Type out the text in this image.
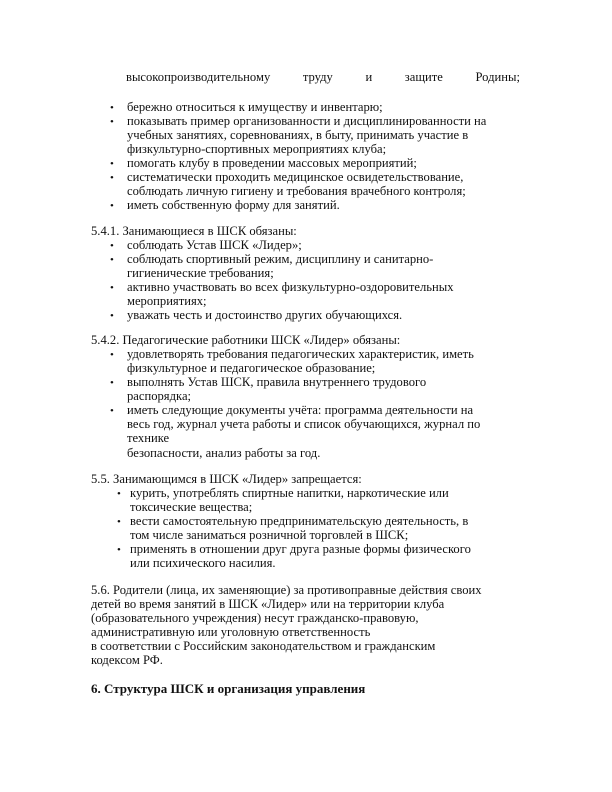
высокопроизводительному	труду	и	защите	Родины;
• бережно относиться к имуществу и инвентарю;
• показывать пример организованности и дисциплинированности на
учебных занятиях, соревнованиях, в быту, принимать участие в
физкультурно-спортивных мероприятиях клуба;
• помогать клубу в проведении массовых мероприятий;
• систематически проходить медицинское освидетельствование,
соблюдать личную гигиену и требования врачебного контроля;
• иметь собственную форму для занятий.
5.4.1. Занимающиеся в ШСК обязаны:
• соблюдать Устав ШСК «Лидер»;
• соблюдать спортивный режим, дисциплину и санитарно-
гигиенические требования;
• активно участвовать во всех физкультурно-оздоровительных
мероприятиях;
• уважать честь и достоинство других обучающихся.
5.4.2. Педагогические работники ШСК «Лидер» обязаны:
• удовлетворять требования педагогических характеристик, иметь
физкультурное и педагогическое образование;
• выполнять Устав ШСК, правила внутреннего трудового
распорядка;
• иметь следующие документы учёта: программа деятельности на
весь год, журнал учета работы и список обучающихся, журнал по
технике
безопасности, анализ работы за год.
5.5. Занимающимся в ШСК «Лидер» запрещается:
• курить, употреблять спиртные напитки, наркотические или
токсические вещества;
• вести самостоятельную предпринимательскую деятельность, в
том числе заниматься розничной торговлей в ШСК;
• применять в отношении друг друга разные формы физического
или психического насилия.
5.6. Родители (лица, их заменяющие) за противоправные действия своих
детей во время занятий в ШСК «Лидер» или на территории клуба
(образовательного учреждения) несут гражданско-правовую,
административную или уголовную ответственность
в соответствии с Российским законодательством и гражданским
кодексом РФ.
6. Структура ШСК и организация управления
